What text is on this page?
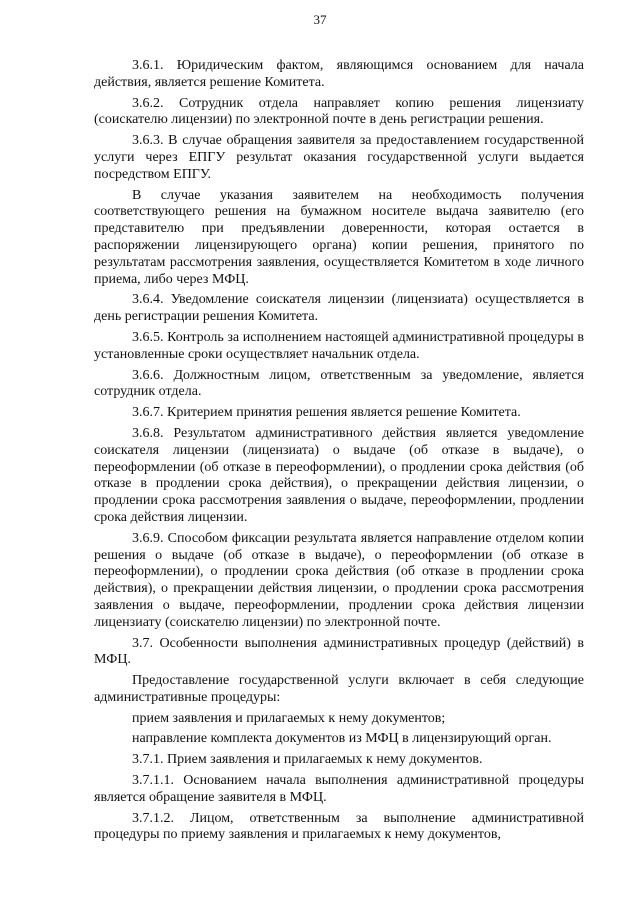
37

3.6.1. Юридическим фактом, являющимся основанием для начала действия, является решение Комитета.

3.6.2. Сотрудник отдела направляет копию решения лицензиату (соискателю лицензии) по электронной почте в день регистрации решения.

3.6.3. В случае обращения заявителя за предоставлением государственной услуги через ЕПГУ результат оказания государственной услуги выдается посредством ЕПГУ.

В случае указания заявителем на необходимость получения соответствующего решения на бумажном носителе выдача заявителю (его представителю при предъявлении доверенности, которая остается в распоряжении лицензирующего органа) копии решения, принятого по результатам рассмотрения заявления, осуществляется Комитетом в ходе личного приема, либо через МФЦ.

3.6.4. Уведомление соискателя лицензии (лицензиата) осуществляется в день регистрации решения Комитета.

3.6.5. Контроль за исполнением настоящей административной процедуры в установленные сроки осуществляет начальник отдела.

3.6.6. Должностным лицом, ответственным за уведомление, является сотрудник отдела.

3.6.7. Критерием принятия решения является решение Комитета.

3.6.8. Результатом административного действия является уведомление соискателя лицензии (лицензиата) о выдаче (об отказе в выдаче), о переоформлении (об отказе в переоформлении), о продлении срока действия (об отказе в продлении срока действия), о прекращении действия лицензии, о продлении срока рассмотрения заявления о выдаче, переоформлении, продлении срока действия лицензии.

3.6.9. Способом фиксации результата является направление отделом копии решения о выдаче (об отказе в выдаче), о переоформлении (об отказе в переоформлении), о продлении срока действия (об отказе в продлении срока действия), о прекращении действия лицензии, о продлении срока рассмотрения заявления о выдаче, переоформлении, продлении срока действия лицензии лицензиату (соискателю лицензии) по электронной почте.

3.7. Особенности выполнения административных процедур (действий) в МФЦ.

Предоставление государственной услуги включает в себя следующие административные процедуры:

прием заявления и прилагаемых к нему документов;

направление комплекта документов из МФЦ в лицензирующий орган.

3.7.1. Прием заявления и прилагаемых к нему документов.

3.7.1.1. Основанием начала выполнения административной процедуры является обращение заявителя в МФЦ.

3.7.1.2. Лицом, ответственным за выполнение административной процедуры по приему заявления и прилагаемых к нему документов,
